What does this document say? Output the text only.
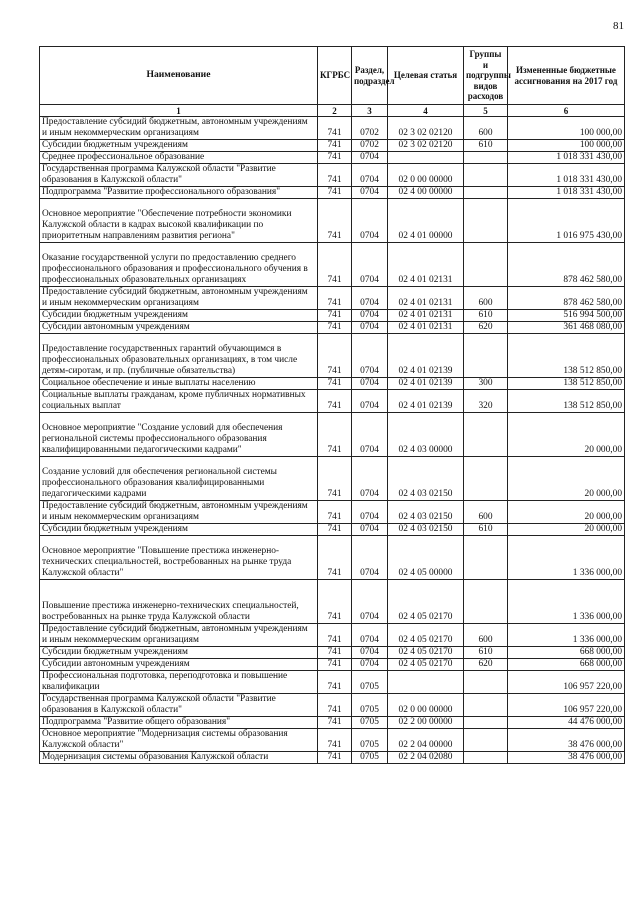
81
Наименование	КГРБС	Раздел, подраздел	Целевая статья	Группы и подгруппы видов расходов	Измененные бюджетные ассигнования на 2017 год
1	2	3	4	5	6
Предоставление субсидий бюджетным, автономным учреждениям и иным некоммерческим организациям	741	0702	02 3 02 02120	600	100 000,00
Субсидии бюджетным учреждениям	741	0702	02 3 02 02120	610	100 000,00
Среднее профессиональное образование	741	0704			1 018 331 430,00
Государственная программа Калужской области "Развитие образования в Калужской области"	741	0704	02 0 00 00000		1 018 331 430,00
Подпрограмма "Развитие профессионального образования"	741	0704	02 4 00 00000		1 018 331 430,00
Основное мероприятие "Обеспечение потребности экономики Калужской области в кадрах высокой квалификации по приоритетным направлениям развития региона"	741	0704	02 4 01 00000		1 016 975 430,00
Оказание государственной услуги по предоставлению среднего профессионального образования и профессионального обучения в профессиональных образовательных организациях	741	0704	02 4 01 02131		878 462 580,00
Предоставление субсидий бюджетным, автономным учреждениям и иным некоммерческим организациям	741	0704	02 4 01 02131	600	878 462 580,00
Субсидии бюджетным учреждениям	741	0704	02 4 01 02131	610	516 994 500,00
Субсидии автономным учреждениям	741	0704	02 4 01 02131	620	361 468 080,00
Предоставление государственных гарантий обучающимся в профессиональных образовательных организациях, в том числе детям-сиротам, и пр. (публичные обязательства)	741	0704	02 4 01 02139		138 512 850,00
Социальное обеспечение и иные выплаты населению	741	0704	02 4 01 02139	300	138 512 850,00
Социальные выплаты гражданам, кроме публичных нормативных социальных выплат	741	0704	02 4 01 02139	320	138 512 850,00
Основное мероприятие "Создание условий для обеспечения региональной системы профессионального образования квалифицированными педагогическими кадрами"	741	0704	02 4 03 00000		20 000,00
Создание условий для обеспечения региональной системы профессионального образования квалифицированными педагогическими кадрами	741	0704	02 4 03 02150		20 000,00
Предоставление субсидий бюджетным, автономным учреждениям и иным некоммерческим организациям	741	0704	02 4 03 02150	600	20 000,00
Субсидии бюджетным учреждениям	741	0704	02 4 03 02150	610	20 000,00
Основное мероприятие "Повышение престижа инженерно-технических специальностей, востребованных на рынке труда Калужской области"	741	0704	02 4 05 00000		1 336 000,00
Повышение престижа инженерно-технических специальностей, востребованных на рынке труда Калужской области	741	0704	02 4 05 02170		1 336 000,00
Предоставление субсидий бюджетным, автономным учреждениям и иным некоммерческим организациям	741	0704	02 4 05 02170	600	1 336 000,00
Субсидии бюджетным учреждениям	741	0704	02 4 05 02170	610	668 000,00
Субсидии автономным учреждениям	741	0704	02 4 05 02170	620	668 000,00
Профессиональная подготовка, переподготовка и повышение квалификации	741	0705			106 957 220,00
Государственная программа Калужской области "Развитие образования в Калужской области"	741	0705	02 0 00 00000		106 957 220,00
Подпрограмма "Развитие общего образования"	741	0705	02 2 00 00000		44 476 000,00
Основное мероприятие "Модернизация системы образования Калужской области"	741	0705	02 2 04 00000		38 476 000,00
Модернизация системы образования Калужской области	741	0705	02 2 04 02080		38 476 000,00
